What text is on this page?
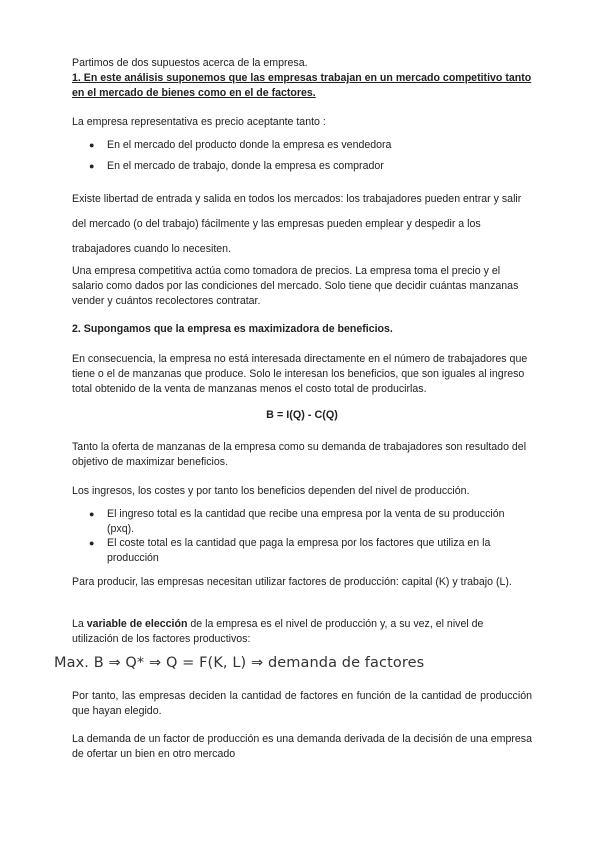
Partimos de dos supuestos acerca de la empresa.

1. En este análisis suponemos que las empresas trabajan en un mercado competitivo tanto en el mercado de bienes como en el de factores.

La empresa representativa es precio aceptante tanto :

● En el mercado del producto donde la empresa es vendedora
● En el mercado de trabajo, donde la empresa es comprador

Existe libertad de entrada y salida en todos los mercados: los trabajadores pueden entrar y salir del mercado (o del trabajo) fácilmente y las empresas pueden emplear y despedir a los trabajadores cuando lo necesiten.

Una empresa competitiva actúa como tomadora de precios. La empresa toma el precio y el salario como dados por las condiciones del mercado. Solo tiene que decidir cuántas manzanas vender y cuántos recolectores contratar.

2. Supongamos que la empresa es maximizadora de beneficios.

En consecuencia, la empresa no está interesada directamente en el número de trabajadores que tiene o el de manzanas que produce. Solo le interesan los beneficios, que son iguales al ingreso total obtenido de la venta de manzanas menos el costo total de producirlas.

B = I(Q) - C(Q)

Tanto la oferta de manzanas de la empresa como su demanda de trabajadores son resultado del objetivo de maximizar beneficios.

Los ingresos, los costes y por tanto los beneficios dependen del nivel de producción.

● El ingreso total es la cantidad que recibe una empresa por la venta de su producción (pxq).
● El coste total es la cantidad que paga la empresa por los factores que utiliza en la producción

Para producir, las empresas necesitan utilizar factores de producción: capital (K) y trabajo (L).

La variable de elección de la empresa es el nivel de producción y, a su vez, el nivel de utilización de los factores productivos:

Por tanto, las empresas deciden la cantidad de factores en función de la cantidad de producción que hayan elegido.

La demanda de un factor de producción es una demanda derivada de la decisión de una empresa de ofertar un bien en otro mercado

Max. B ⇒ Q* ⇒ Q = F(K, L) ⇒ demanda de factores
